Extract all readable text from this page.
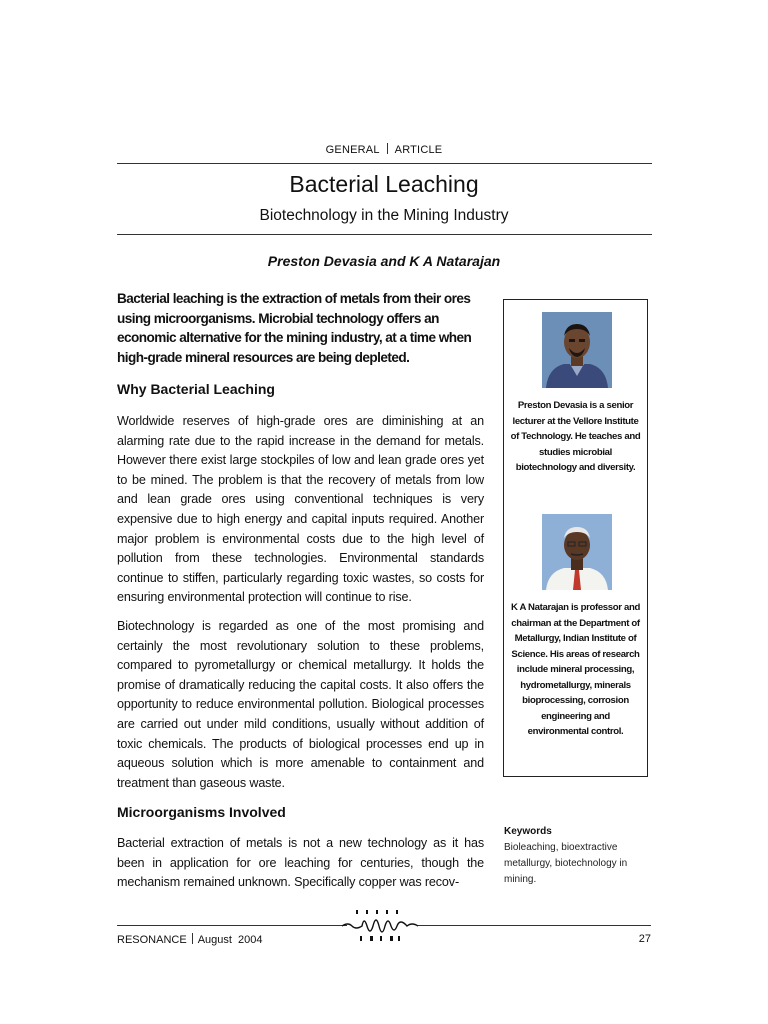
GENERAL ARTICLE
Bacterial Leaching
Biotechnology in the Mining Industry
Preston Devasia and K A Natarajan

Bacterial leaching is the extraction of metals from their ores using microorganisms. Microbial technology offers an economic alternative for the mining industry, at a time when high-grade mineral resources are being depleted.

Why Bacterial Leaching

Worldwide reserves of high-grade ores are diminishing at an alarming rate due to the rapid increase in the demand for metals. However there exist large stockpiles of low and lean grade ores yet to be mined. The problem is that the recovery of metals from low and lean grade ores using conventional techniques is very expensive due to high energy and capital inputs required. Another major problem is environmental costs due to the high level of pollution from these technologies. Environmental standards continue to stiffen, particularly regarding toxic wastes, so costs for ensuring environmental protection will continue to rise.

Biotechnology is regarded as one of the most promising and certainly the most revolutionary solution to these problems, compared to pyrometallurgy or chemical metallurgy. It holds the promise of dramatically reducing the capital costs. It also offers the opportunity to reduce environmental pollution. Biological processes are carried out under mild conditions, usually without addition of toxic chemicals. The products of biological processes end up in aqueous solution which is more amenable to containment and treatment than gaseous waste.

Microorganisms Involved

Bacterial extraction of metals is not a new technology as it has been in application for ore leaching for centuries, though the mechanism remained unknown. Specifically copper was recov-

Preston Devasia is a senior lecturer at the Vellore Institute of Technology. He teaches and studies microbial biotechnology and diversity.

K A Natarajan is professor and chairman at the Department of Metallurgy, Indian Institute of Science. His areas of research include mineral processing, hydrometallurgy, minerals bioprocessing, corrosion engineering and environmental control.

Keywords

Bioleaching, bioextractive metallurgy, biotechnology in mining.

RESONANCE August  2004	27
